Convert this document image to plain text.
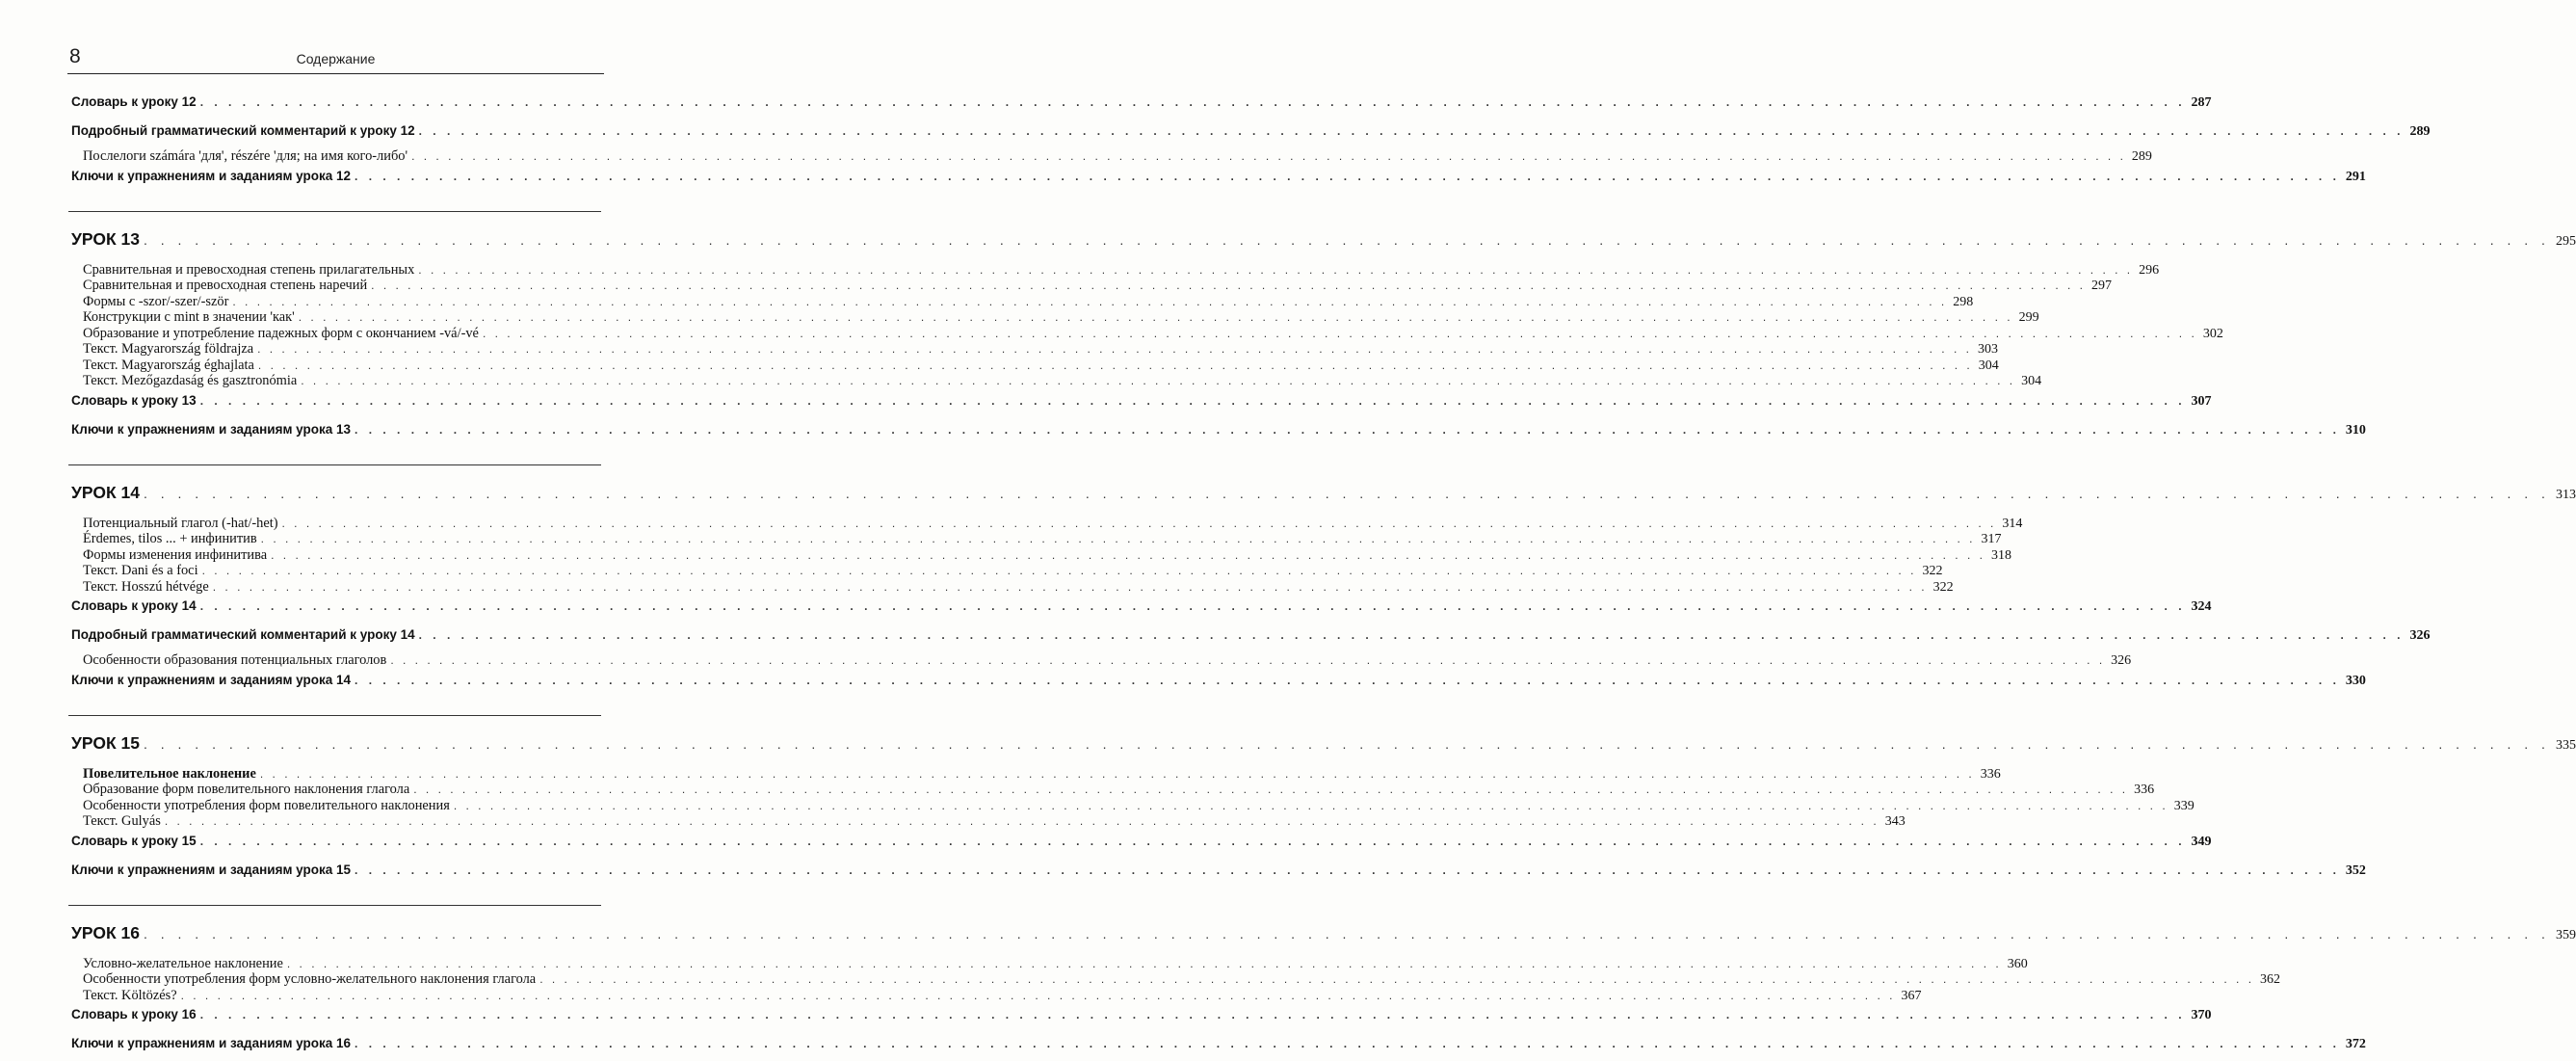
8	Содержание
Словарь к уроку 12 . . . . . . . . . . . . . . . . . . . . . . . . . . . . . . . . . . . . . . . . . . . . . . . . . . . . . . . . . . . . . . . . . . . . . . . . . . . . . . . . . . . . . . . . . . . . . . . . . . . . . . . . . . . . . . . . . . . . . . . . . . . . . . . . . . . . . . . . . . . . . 287
Подробный грамматический комментарий к уроку 12 . . . . . . . . . . . . . . . . . . . . . . . . . . . . . . . . . . . . . . . . . . . . . . . . . . . . . . . . . . . . . . . . . . . . . . . . . . . . . . . . . . . . . . . . . . . . . . . . . . . . . . . . . . . . . . . . . . . . . . . . . . . . . . . . . . . . . . . . . . . . . 289
Послелоги számára 'для', részére 'для; на имя кого-либо' . . . . . . . . . . . . . . . . . . . . . . . . . . . . . . . . . . . . . . . . . . . . . . . . . . . . . . . . . . . . . . . . . . . . . . . . . . . . . . . . . . . . . . . . . . . . . . . . . . . . . . . . . . . . . . . . . . . . . . . . . . . . . . . . . . . . . . . . . . . . . 289
Ключи к упражнениям и заданиям урока 12 . . . . . . . . . . . . . . . . . . . . . . . . . . . . . . . . . . . . . . . . . . . . . . . . . . . . . . . . . . . . . . . . . . . . . . . . . . . . . . . . . . . . . . . . . . . . . . . . . . . . . . . . . . . . . . . . . . . . . . . . . . . . . . . . . . . . . . . . . . . . . 291
УРОК 13 . . . . . . . . . . . . . . . . . . . . . . . . . . . . . . . . . . . . . . . . . . . . . . . . . . . . . . . . . . . . . . . . . . . . . . . . . . . . . . . . . . . . . . . . . . . . . . . . . . . . . . . . . . . . . . . . . . . . . . . . . . . . . . . . . . . . . . . . . . . . . 295
Сравнительная и превосходная степень прилагательных . . . . . . . . . . . . . . . . . . . . . . . . . . . . . . . . . . . . . . . . . . . . . . . . . . . . . . . . . . . . . . . . . . . . . . . . . . . . . . . . . . . . . . . . . . . . . . . . . . . . . . . . . . . . . . . . . . . . . . . . . . . . . . . . . . . . . . . . . . . . . 296
Сравнительная и превосходная степень наречий . . . . . . . . . . . . . . . . . . . . . . . . . . . . . . . . . . . . . . . . . . . . . . . . . . . . . . . . . . . . . . . . . . . . . . . . . . . . . . . . . . . . . . . . . . . . . . . . . . . . . . . . . . . . . . . . . . . . . . . . . . . . . . . . . . . . . . . . . . . . . 297
Формы с -szor/-szer/-ször . . . . . . . . . . . . . . . . . . . . . . . . . . . . . . . . . . . . . . . . . . . . . . . . . . . . . . . . . . . . . . . . . . . . . . . . . . . . . . . . . . . . . . . . . . . . . . . . . . . . . . . . . . . . . . . . . . . . . . . . . . . . . . . . . . . . . . . . . . . . . 298
Конструкции с mint в значении 'как' . . . . . . . . . . . . . . . . . . . . . . . . . . . . . . . . . . . . . . . . . . . . . . . . . . . . . . . . . . . . . . . . . . . . . . . . . . . . . . . . . . . . . . . . . . . . . . . . . . . . . . . . . . . . . . . . . . . . . . . . . . . . . . . . . . . . . . . . . . . . . 299
Образование и употребление падежных форм с окончанием -vá/-vé . . . . . . . . . . . . . . . . . . . . . . . . . . . . . . . . . . . . . . . . . . . . . . . . . . . . . . . . . . . . . . . . . . . . . . . . . . . . . . . . . . . . . . . . . . . . . . . . . . . . . . . . . . . . . . . . . . . . . . . . . . . . . . . . . . . . . . . . . . . . . 302
Текст. Magyarország földrajza . . . . . . . . . . . . . . . . . . . . . . . . . . . . . . . . . . . . . . . . . . . . . . . . . . . . . . . . . . . . . . . . . . . . . . . . . . . . . . . . . . . . . . . . . . . . . . . . . . . . . . . . . . . . . . . . . . . . . . . . . . . . . . . . . . . . . . . . . . . . . 303
Текст. Magyarország éghajlata . . . . . . . . . . . . . . . . . . . . . . . . . . . . . . . . . . . . . . . . . . . . . . . . . . . . . . . . . . . . . . . . . . . . . . . . . . . . . . . . . . . . . . . . . . . . . . . . . . . . . . . . . . . . . . . . . . . . . . . . . . . . . . . . . . . . . . . . . . . . . 304
Текст. Mezőgazdaság és gasztronómia . . . . . . . . . . . . . . . . . . . . . . . . . . . . . . . . . . . . . . . . . . . . . . . . . . . . . . . . . . . . . . . . . . . . . . . . . . . . . . . . . . . . . . . . . . . . . . . . . . . . . . . . . . . . . . . . . . . . . . . . . . . . . . . . . . . . . . . . . . . . . 304
Словарь к уроку 13 . . . . . . . . . . . . . . . . . . . . . . . . . . . . . . . . . . . . . . . . . . . . . . . . . . . . . . . . . . . . . . . . . . . . . . . . . . . . . . . . . . . . . . . . . . . . . . . . . . . . . . . . . . . . . . . . . . . . . . . . . . . . . . . . . . . . . . . . . . . . . 307
Ключи к упражнениям и заданиям урока 13 . . . . . . . . . . . . . . . . . . . . . . . . . . . . . . . . . . . . . . . . . . . . . . . . . . . . . . . . . . . . . . . . . . . . . . . . . . . . . . . . . . . . . . . . . . . . . . . . . . . . . . . . . . . . . . . . . . . . . . . . . . . . . . . . . . . . . . . . . . . . . 310
УРОК 14 . . . . . . . . . . . . . . . . . . . . . . . . . . . . . . . . . . . . . . . . . . . . . . . . . . . . . . . . . . . . . . . . . . . . . . . . . . . . . . . . . . . . . . . . . . . . . . . . . . . . . . . . . . . . . . . . . . . . . . . . . . . . . . . . . . . . . . . . . . . . . 313
Потенциальный глагол (-hat/-het) . . . . . . . . . . . . . . . . . . . . . . . . . . . . . . . . . . . . . . . . . . . . . . . . . . . . . . . . . . . . . . . . . . . . . . . . . . . . . . . . . . . . . . . . . . . . . . . . . . . . . . . . . . . . . . . . . . . . . . . . . . . . . . . . . . . . . . . . . . . . . 314
Érdemes, tilos ... + инфинитив . . . . . . . . . . . . . . . . . . . . . . . . . . . . . . . . . . . . . . . . . . . . . . . . . . . . . . . . . . . . . . . . . . . . . . . . . . . . . . . . . . . . . . . . . . . . . . . . . . . . . . . . . . . . . . . . . . . . . . . . . . . . . . . . . . . . . . . . . . . . . 317
Формы изменения инфинитива . . . . . . . . . . . . . . . . . . . . . . . . . . . . . . . . . . . . . . . . . . . . . . . . . . . . . . . . . . . . . . . . . . . . . . . . . . . . . . . . . . . . . . . . . . . . . . . . . . . . . . . . . . . . . . . . . . . . . . . . . . . . . . . . . . . . . . . . . . . . . 318
Текст. Dani és a foci . . . . . . . . . . . . . . . . . . . . . . . . . . . . . . . . . . . . . . . . . . . . . . . . . . . . . . . . . . . . . . . . . . . . . . . . . . . . . . . . . . . . . . . . . . . . . . . . . . . . . . . . . . . . . . . . . . . . . . . . . . . . . . . . . . . . . . . . . . . . . 322
Текст. Hosszú hétvége . . . . . . . . . . . . . . . . . . . . . . . . . . . . . . . . . . . . . . . . . . . . . . . . . . . . . . . . . . . . . . . . . . . . . . . . . . . . . . . . . . . . . . . . . . . . . . . . . . . . . . . . . . . . . . . . . . . . . . . . . . . . . . . . . . . . . . . . . . . . . 322
Словарь к уроку 14 . . . . . . . . . . . . . . . . . . . . . . . . . . . . . . . . . . . . . . . . . . . . . . . . . . . . . . . . . . . . . . . . . . . . . . . . . . . . . . . . . . . . . . . . . . . . . . . . . . . . . . . . . . . . . . . . . . . . . . . . . . . . . . . . . . . . . . . . . . . . . 324
Подробный грамматический комментарий к уроку 14 . . . . . . . . . . . . . . . . . . . . . . . . . . . . . . . . . . . . . . . . . . . . . . . . . . . . . . . . . . . . . . . . . . . . . . . . . . . . . . . . . . . . . . . . . . . . . . . . . . . . . . . . . . . . . . . . . . . . . . . . . . . . . . . . . . . . . . . . . . . . . 326
Особенности образования потенциальных глаголов . . . . . . . . . . . . . . . . . . . . . . . . . . . . . . . . . . . . . . . . . . . . . . . . . . . . . . . . . . . . . . . . . . . . . . . . . . . . . . . . . . . . . . . . . . . . . . . . . . . . . . . . . . . . . . . . . . . . . . . . . . . . . . . . . . . . . . . . . . . . . 326
Ключи к упражнениям и заданиям урока 14 . . . . . . . . . . . . . . . . . . . . . . . . . . . . . . . . . . . . . . . . . . . . . . . . . . . . . . . . . . . . . . . . . . . . . . . . . . . . . . . . . . . . . . . . . . . . . . . . . . . . . . . . . . . . . . . . . . . . . . . . . . . . . . . . . . . . . . . . . . . . . 330
УРОК 15 . . . . . . . . . . . . . . . . . . . . . . . . . . . . . . . . . . . . . . . . . . . . . . . . . . . . . . . . . . . . . . . . . . . . . . . . . . . . . . . . . . . . . . . . . . . . . . . . . . . . . . . . . . . . . . . . . . . . . . . . . . . . . . . . . . . . . . . . . . . . . 335
Повелительное наклонение . . . . . . . . . . . . . . . . . . . . . . . . . . . . . . . . . . . . . . . . . . . . . . . . . . . . . . . . . . . . . . . . . . . . . . . . . . . . . . . . . . . . . . . . . . . . . . . . . . . . . . . . . . . . . . . . . . . . . . . . . . . . . . . . . . . . . . . . . . . . . 336
Образование форм повелительного наклонения глагола . . . . . . . . . . . . . . . . . . . . . . . . . . . . . . . . . . . . . . . . . . . . . . . . . . . . . . . . . . . . . . . . . . . . . . . . . . . . . . . . . . . . . . . . . . . . . . . . . . . . . . . . . . . . . . . . . . . . . . . . . . . . . . . . . . . . . . . . . . . . . 336
Особенности употребления форм повелительного наклонения . . . . . . . . . . . . . . . . . . . . . . . . . . . . . . . . . . . . . . . . . . . . . . . . . . . . . . . . . . . . . . . . . . . . . . . . . . . . . . . . . . . . . . . . . . . . . . . . . . . . . . . . . . . . . . . . . . . . . . . . . . . . . . . . . . . . . . . . . . . . . 339
Текст. Gulyás . . . . . . . . . . . . . . . . . . . . . . . . . . . . . . . . . . . . . . . . . . . . . . . . . . . . . . . . . . . . . . . . . . . . . . . . . . . . . . . . . . . . . . . . . . . . . . . . . . . . . . . . . . . . . . . . . . . . . . . . . . . . . . . . . . . . . . . . . . . . . 343
Словарь к уроку 15 . . . . . . . . . . . . . . . . . . . . . . . . . . . . . . . . . . . . . . . . . . . . . . . . . . . . . . . . . . . . . . . . . . . . . . . . . . . . . . . . . . . . . . . . . . . . . . . . . . . . . . . . . . . . . . . . . . . . . . . . . . . . . . . . . . . . . . . . . . . . . 349
Ключи к упражнениям и заданиям урока 15 . . . . . . . . . . . . . . . . . . . . . . . . . . . . . . . . . . . . . . . . . . . . . . . . . . . . . . . . . . . . . . . . . . . . . . . . . . . . . . . . . . . . . . . . . . . . . . . . . . . . . . . . . . . . . . . . . . . . . . . . . . . . . . . . . . . . . . . . . . . . . 352
УРОК 16 . . . . . . . . . . . . . . . . . . . . . . . . . . . . . . . . . . . . . . . . . . . . . . . . . . . . . . . . . . . . . . . . . . . . . . . . . . . . . . . . . . . . . . . . . . . . . . . . . . . . . . . . . . . . . . . . . . . . . . . . . . . . . . . . . . . . . . . . . . . . . 359
Условно-желательное наклонение . . . . . . . . . . . . . . . . . . . . . . . . . . . . . . . . . . . . . . . . . . . . . . . . . . . . . . . . . . . . . . . . . . . . . . . . . . . . . . . . . . . . . . . . . . . . . . . . . . . . . . . . . . . . . . . . . . . . . . . . . . . . . . . . . . . . . . . . . . . . . 360
Особенности употребления форм условно-желательного наклонения глагола . . . . . . . . . . . . . . . . . . . . . . . . . . . . . . . . . . . . . . . . . . . . . . . . . . . . . . . . . . . . . . . . . . . . . . . . . . . . . . . . . . . . . . . . . . . . . . . . . . . . . . . . . . . . . . . . . . . . . . . . . . . . . . . . . . . . . . . . . . . . . 362
Текст. Költözés? . . . . . . . . . . . . . . . . . . . . . . . . . . . . . . . . . . . . . . . . . . . . . . . . . . . . . . . . . . . . . . . . . . . . . . . . . . . . . . . . . . . . . . . . . . . . . . . . . . . . . . . . . . . . . . . . . . . . . . . . . . . . . . . . . . . . . . . . . . . . . 367
Словарь к уроку 16 . . . . . . . . . . . . . . . . . . . . . . . . . . . . . . . . . . . . . . . . . . . . . . . . . . . . . . . . . . . . . . . . . . . . . . . . . . . . . . . . . . . . . . . . . . . . . . . . . . . . . . . . . . . . . . . . . . . . . . . . . . . . . . . . . . . . . . . . . . . . . 370
Ключи к упражнениям и заданиям урока 16 . . . . . . . . . . . . . . . . . . . . . . . . . . . . . . . . . . . . . . . . . . . . . . . . . . . . . . . . . . . . . . . . . . . . . . . . . . . . . . . . . . . . . . . . . . . . . . . . . . . . . . . . . . . . . . . . . . . . . . . . . . . . . . . . . . . . . . . . . . . . . 372
